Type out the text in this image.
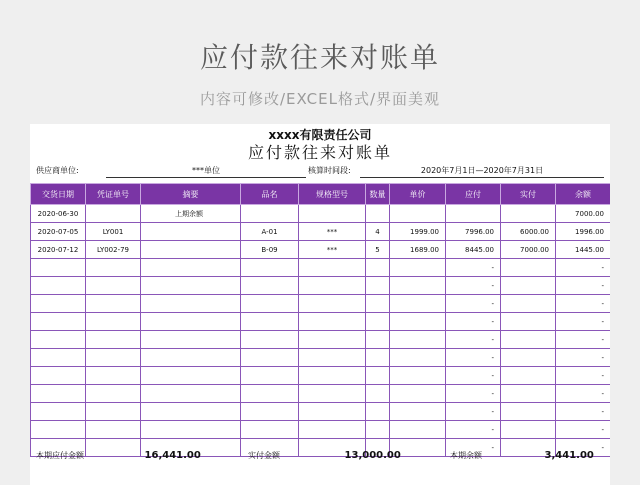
应付款往来对账单
内容可修改/EXCEL格式/界面美观
xxxx有限责任公司
应付款往来对账单
供应商单位:	***单位	核算时间段:	2020年7月1日—2020年7月31日
交货日期	凭证单号	摘要	品名	规格型号	数量	单价	应付	实付	余额
2020-06-30		上期余额							7000.00
2020-07-05	LY001		A-01	***	4	1999.00	7996.00	6000.00	1996.00
2020-07-12	LY002-79		B-09	***	5	1689.00	8445.00	7000.00	1445.00
							-		-
							-		-
							-		-
							-		-
							-		-
							-		-
							-		-
							-		-
							-		-
							-		-
							-		-
本期应付金额	16,441.00	实付金额	13,000.00	本期余额	3,441.00
